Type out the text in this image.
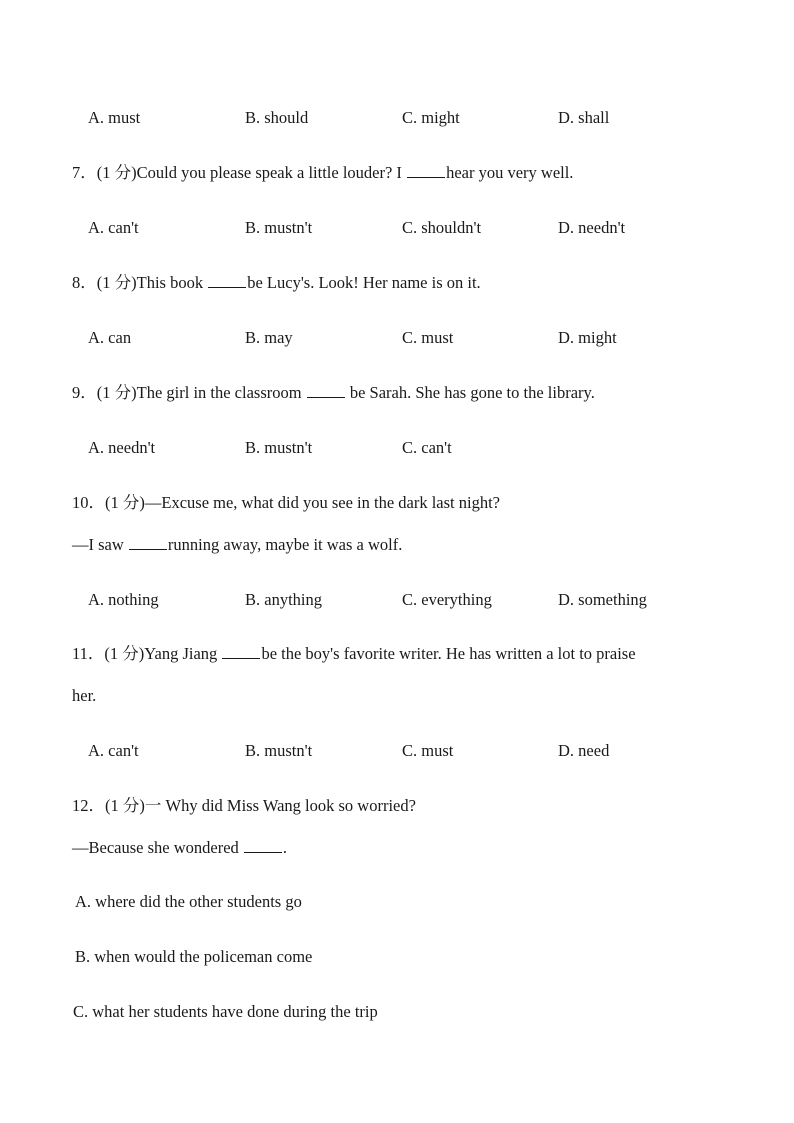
A. must	B. should	C. might	D. shall
7．(1 分)Could you please speak a little louder? I hear you very well.
A. can't	B. mustn't	C. shouldn't	D. needn't
8．(1 分)This book be Lucy's. Look! Her name is on it.
A. can	B. may	C. must	D. might
9．(1 分)The girl in the classroom  be Sarah. She has gone to the library.
A. needn't	B. mustn't	C. can't
10．(1 分)—Excuse me, what did you see in the dark last night?
—I saw running away, maybe it was a wolf.
A. nothing	B. anything	C. everything	D. something
11．(1 分)Yang Jiang be the boy's favorite writer. He has written a lot to praise
her.
A. can't	B. mustn't	C. must	D. need
12．(1 分)一 Why did Miss Wang look so worried?
—Because she wondered .
A. where did the other students go
B. when would the policeman come
C. what her students have done during the trip
